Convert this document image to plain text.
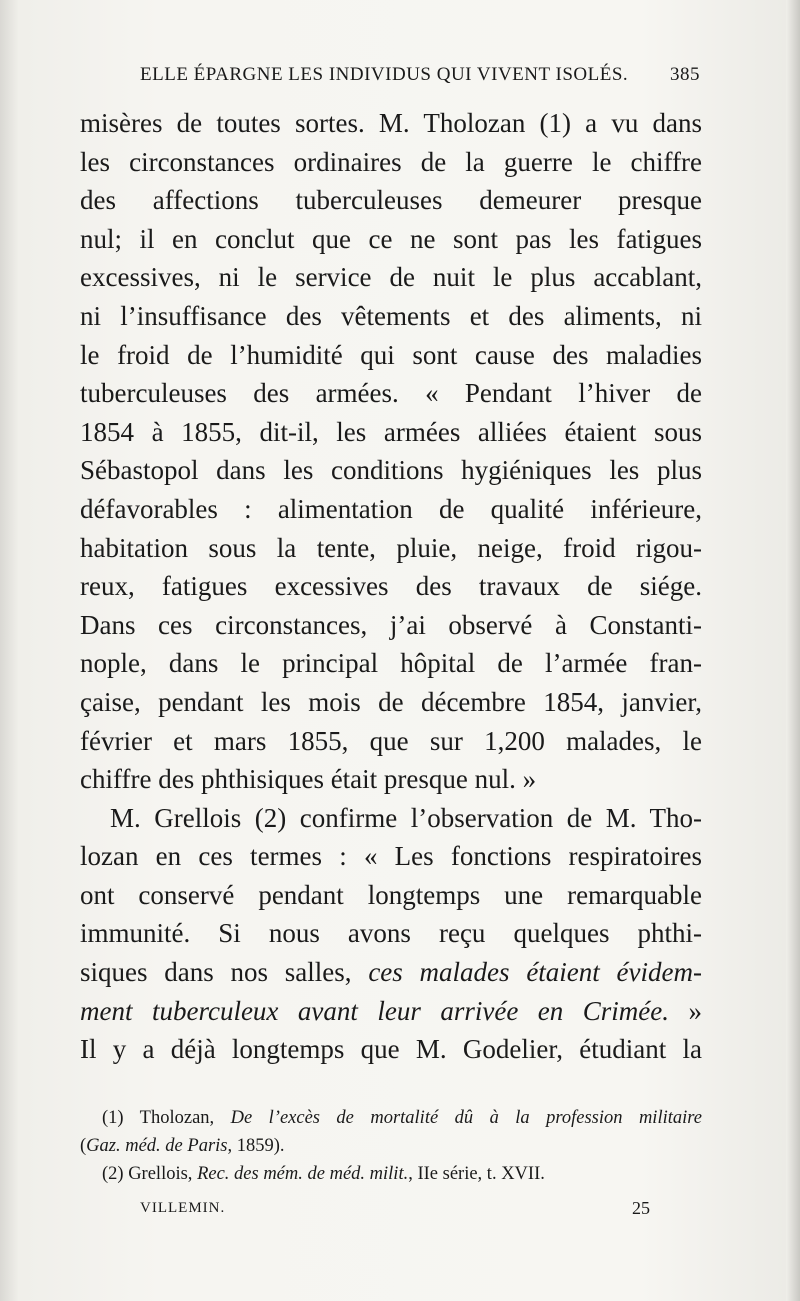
ELLE ÉPARGNE LES INDIVIDUS QUI VIVENT ISOLÉS. 385
misères de toutes sortes. M. Tholozan (1) a vu dans
les circonstances ordinaires de la guerre le chiffre
des affections tuberculeuses demeurer presque
nul; il en conclut que ce ne sont pas les fatigues
excessives, ni le service de nuit le plus accablant,
ni l’insuffisance des vêtements et des aliments, ni
le froid de l’humidité qui sont cause des maladies
tuberculeuses des armées. « Pendant l’hiver de
1854 à 1855, dit-il, les armées alliées étaient sous
Sébastopol dans les conditions hygiéniques les plus
défavorables : alimentation de qualité inférieure,
habitation sous la tente, pluie, neige, froid rigou-
reux, fatigues excessives des travaux de siége.
Dans ces circonstances, j’ai observé à Constanti-
nople, dans le principal hôpital de l’armée fran-
çaise, pendant les mois de décembre 1854, janvier,
février et mars 1855, que sur 1,200 malades, le
chiffre des phthisiques était presque nul. »
M. Grellois (2) confirme l’observation de M. Tho-
lozan en ces termes : « Les fonctions respiratoires
ont conservé pendant longtemps une remarquable
immunité. Si nous avons reçu quelques phthi-
siques dans nos salles, ces malades étaient évidem-
ment tuberculeux avant leur arrivée en Crimée. »
Il y a déjà longtemps que M. Godelier, étudiant la
(1) Tholozan, De l’excès de mortalité dû à la profession militaire
(Gaz. méd. de Paris, 1859).
(2) Grellois, Rec. des mém. de méd. milit., IIe série, t. XVII.
VILLEMIN.	25
